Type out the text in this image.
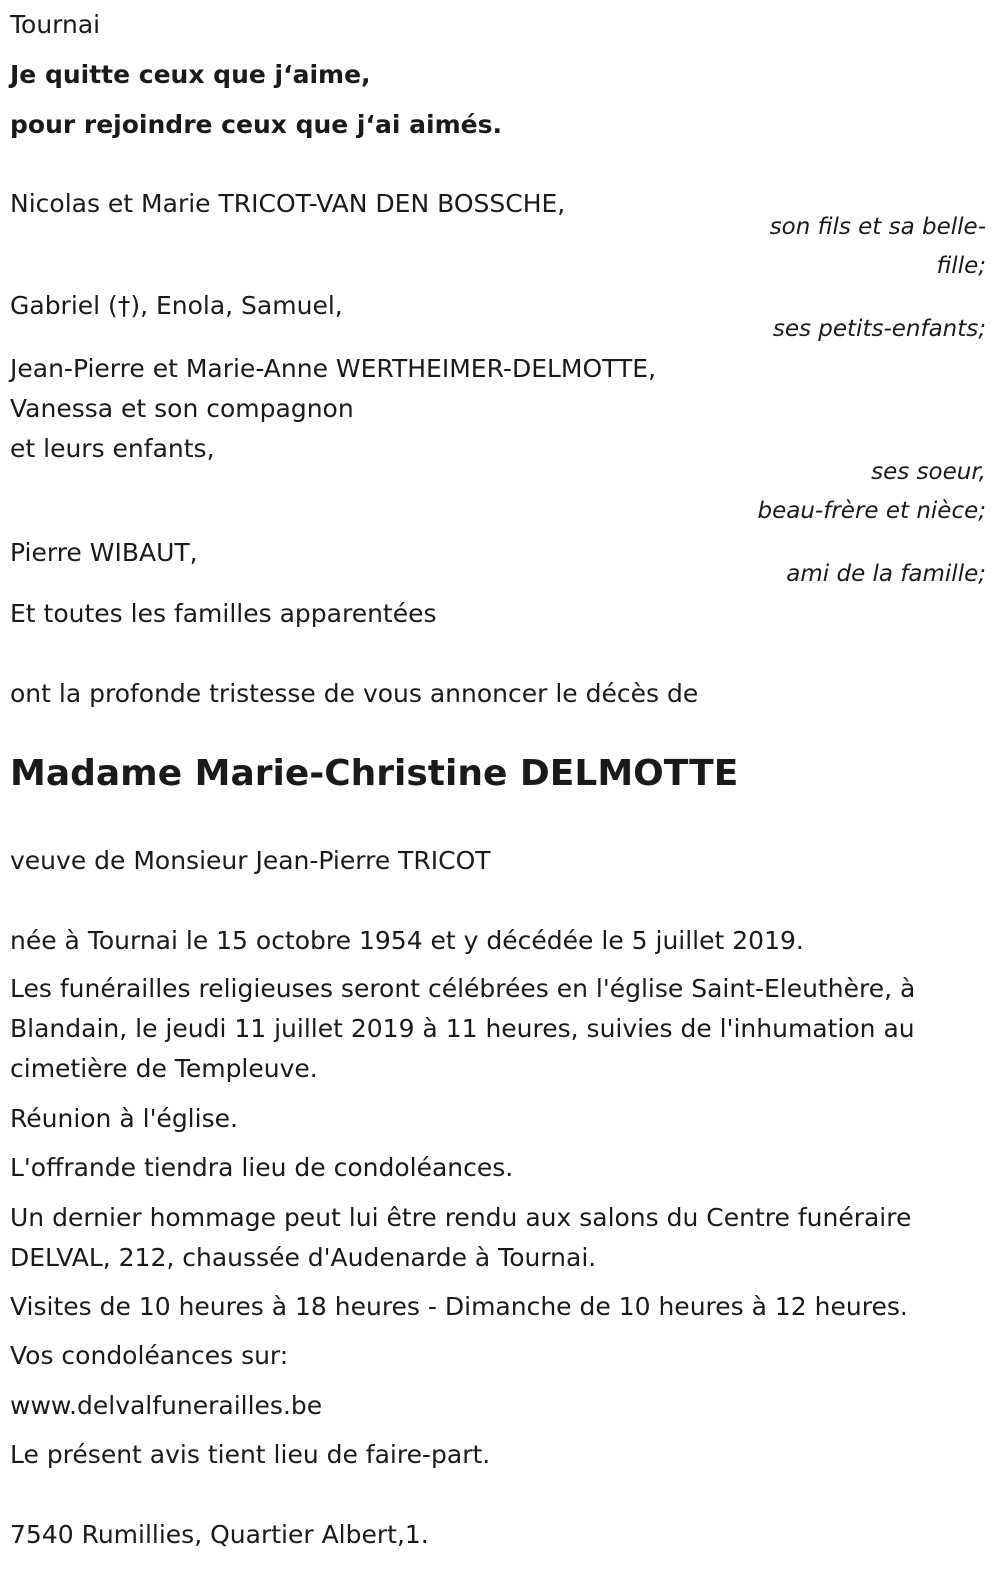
Tournai

Je quitte ceux que j‘aime,

pour rejoindre ceux que j‘ai aimés.

Nicolas et Marie TRICOT-VAN DEN BOSSCHE,

son fils et sa belle-

fille;

Gabriel (†), Enola, Samuel,

ses petits-enfants;

Jean-Pierre et Marie-Anne WERTHEIMER-DELMOTTE,

Vanessa et son compagnon

et leurs enfants,

ses soeur,

beau-frère et nièce;

Pierre WIBAUT,

ami de la famille;

Et toutes les familles apparentées

ont la profonde tristesse de vous annoncer le décès de

Madame Marie-Christine DELMOTTE

veuve de Monsieur Jean-Pierre TRICOT

née à Tournai le 15 octobre 1954 et y décédée le 5 juillet 2019.

Les funérailles religieuses seront célébrées en l'église Saint-Eleuthère, à Blandain, le jeudi 11 juillet 2019 à 11 heures, suivies de l'inhumation au cimetière de Templeuve.

Réunion à l'église.

L'offrande tiendra lieu de condoléances.

Un dernier hommage peut lui être rendu aux salons du Centre funéraire DELVAL, 212, chaussée d'Audenarde à Tournai.

Visites de 10 heures à 18 heures - Dimanche de 10 heures à 12 heures.

Vos condoléances sur:

www.delvalfunerailles.be

Le présent avis tient lieu de faire-part.

7540 Rumillies, Quartier Albert,1.
